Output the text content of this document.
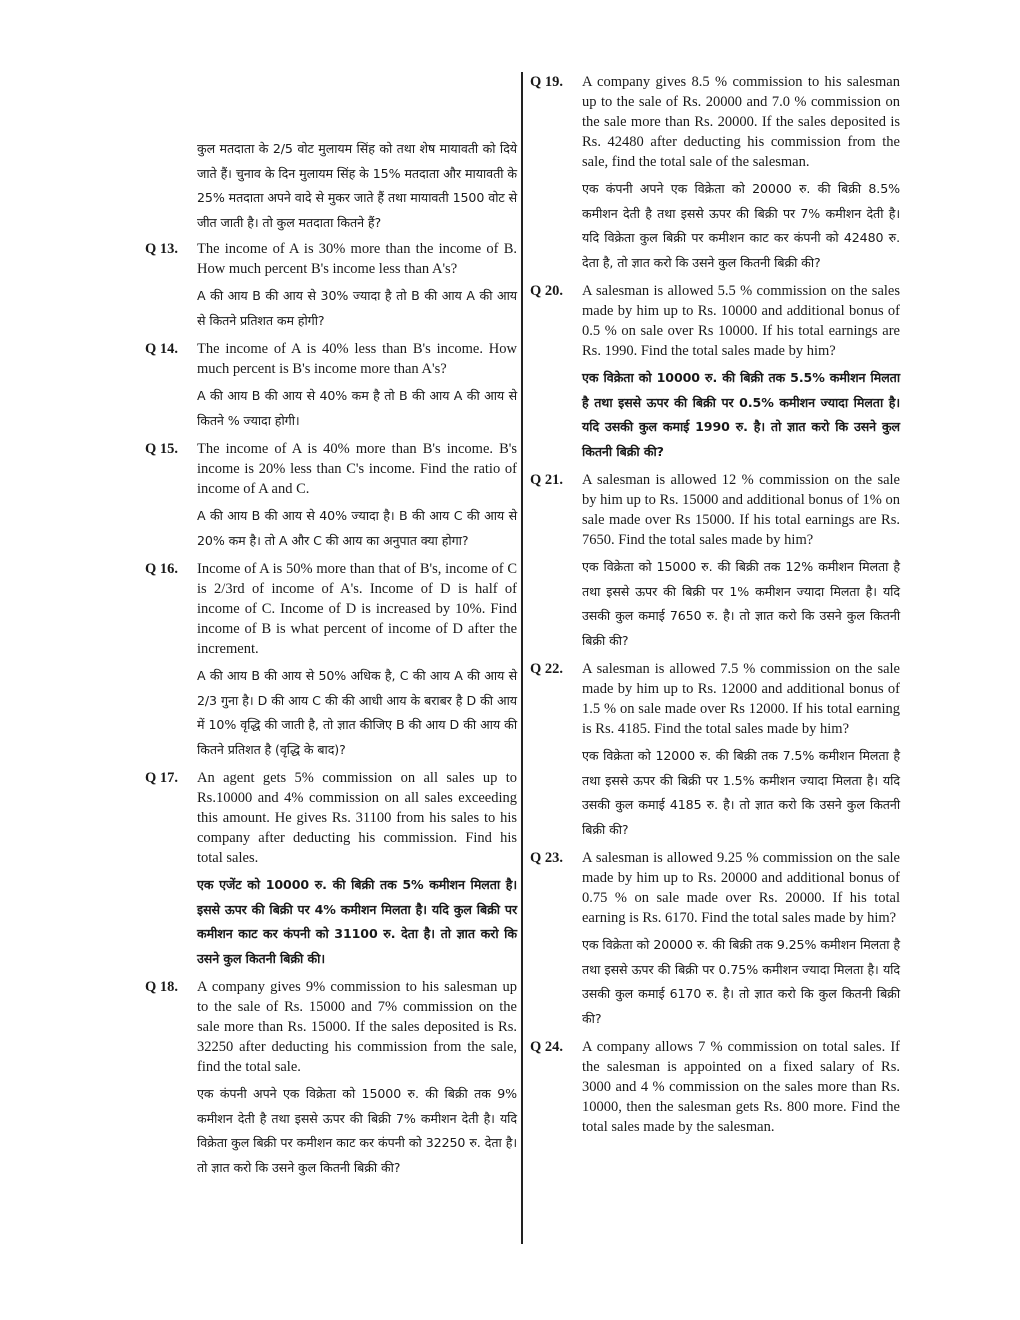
कुल मतदाता के 2/5 वोट मुलायम सिंह को तथा शेष मायावती को दिये जाते हैं। चुनाव के दिन मुलायम सिंह के 15% मतदाता और मायावती के 25% मतदाता अपने वादे से मुकर जाते हैं तथा मायावती 1500 वोट से जीत जाती है। तो कुल मतदाता कितने हैं?

Q 13. The income of A is 30% more than the income of B. How much percent B's income less than A's?

A की आय B की आय से 30% ज्यादा है तो B की आय A की आय से कितने प्रतिशत कम होगी?

Q 14. The income of A is 40% less than B's income. How much percent is B's income more than A's?

A की आय B की आय से 40% कम है तो B की आय A की आय से कितने % ज्यादा होगी।

Q 15. The income of A is 40% more than B's income. B's income is 20% less than C's income. Find the ratio of income of A and C.

A की आय B की आय से 40% ज्यादा है। B की आय C की आय से 20% कम है। तो A और C की आय का अनुपात क्या होगा?

Q 16. Income of A is 50% more than that of B's, income of C is 2/3rd of income of A's. Income of D is half of income of C. Income of D is increased by 10%. Find income of B is what percent of income of D after the increment.

A की आय B की आय से 50% अधिक है, C की आय A की आय से 2/3 गुना है। D की आय C की की आधी आय के बराबर है D की आय में 10% वृद्धि की जाती है, तो ज्ञात कीजिए B की आय D की आय की कितने प्रतिशत है (वृद्धि के बाद)?

Q 17. An agent gets 5% commission on all sales up to Rs.10000 and 4% commission on all sales exceeding this amount. He gives Rs. 31100 from his sales to his company after deducting his commission. Find his total sales.

एक एजेंट को 10000 रु. की बिक्री तक 5% कमीशन मिलता है। इससे ऊपर की बिक्री पर 4% कमीशन मिलता है। यदि कुल बिक्री पर कमीशन काट कर कंपनी को 31100 रु. देता है। तो ज्ञात करो कि उसने कुल कितनी बिक्री की।

Q 18. A company gives 9% commission to his salesman up to the sale of Rs. 15000 and 7% commission on the sale more than Rs. 15000. If the sales deposited is Rs. 32250 after deducting his commission from the sale, find the total sale.

एक कंपनी अपने एक विक्रेता को 15000 रु. की बिक्री तक 9% कमीशन देती है तथा इससे ऊपर की बिक्री 7% कमीशन देती है। यदि विक्रेता कुल बिक्री पर कमीशन काट कर कंपनी को 32250 रु. देता है। तो ज्ञात करो कि उसने कुल कितनी बिक्री की?

Q 19. A company gives 8.5 % commission to his salesman up to the sale of Rs. 20000 and 7.0 % commission on the sale more than Rs. 20000. If the sales deposited is Rs. 42480 after deducting his commission from the sale, find the total sale of the salesman.

एक कंपनी अपने एक विक्रेता को 20000 रु. की बिक्री 8.5% कमीशन देती है तथा इससे ऊपर की बिक्री पर 7% कमीशन देती है। यदि विक्रेता कुल बिक्री पर कमीशन काट कर कंपनी को 42480 रु. देता है, तो ज्ञात करो कि उसने कुल कितनी बिक्री की?

Q 20. A salesman is allowed 5.5 % commission on the sales made by him up to Rs. 10000 and additional bonus of 0.5 % on sale over Rs 10000. If his total earnings are Rs. 1990. Find the total sales made by him?

एक विक्रेता को 10000 रु. की बिक्री तक 5.5% कमीशन मिलता है तथा इससे ऊपर की बिक्री पर 0.5% कमीशन ज्यादा मिलता है। यदि उसकी कुल कमाई 1990 रु. है। तो ज्ञात करो कि उसने कुल कितनी बिक्री की?

Q 21. A salesman is allowed 12 % commission on the sale by him up to Rs. 15000 and additional bonus of 1% on sale made over Rs 15000. If his total earnings are Rs. 7650. Find the total sales made by him?

एक विक्रेता को 15000 रु. की बिक्री तक 12% कमीशन मिलता है तथा इससे ऊपर की बिक्री पर 1% कमीशन ज्यादा मिलता है। यदि उसकी कुल कमाई 7650 रु. है। तो ज्ञात करो कि उसने कुल कितनी बिक्री की?

Q 22. A salesman is allowed 7.5 % commission on the sale made by him up to Rs. 12000 and additional bonus of 1.5 % on sale made over Rs 12000. If his total earning is Rs. 4185. Find the total sales made by him?

एक विक्रेता को 12000 रु. की बिक्री तक 7.5% कमीशन मिलता है तथा इससे ऊपर की बिक्री पर 1.5% कमीशन ज्यादा मिलता है। यदि उसकी कुल कमाई 4185 रु. है। तो ज्ञात करो कि उसने कुल कितनी बिक्री की?

Q 23. A salesman is allowed 9.25 % commission on the sale made by him up to Rs. 20000 and additional bonus of 0.75 % on sale made over Rs. 20000. If his total earning is Rs. 6170. Find the total sales made by him?

एक विक्रेता को 20000 रु. की बिक्री तक 9.25% कमीशन मिलता है तथा इससे ऊपर की बिक्री पर 0.75% कमीशन ज्यादा मिलता है। यदि उसकी कुल कमाई 6170 रु. है। तो ज्ञात करो कि कुल कितनी बिक्री की?

Q 24. A company allows 7 % commission on total sales. If the salesman is appointed on a fixed salary of Rs. 3000 and 4 % commission on the sales more than Rs. 10000, then the salesman gets Rs. 800 more. Find the total sales made by the salesman.
